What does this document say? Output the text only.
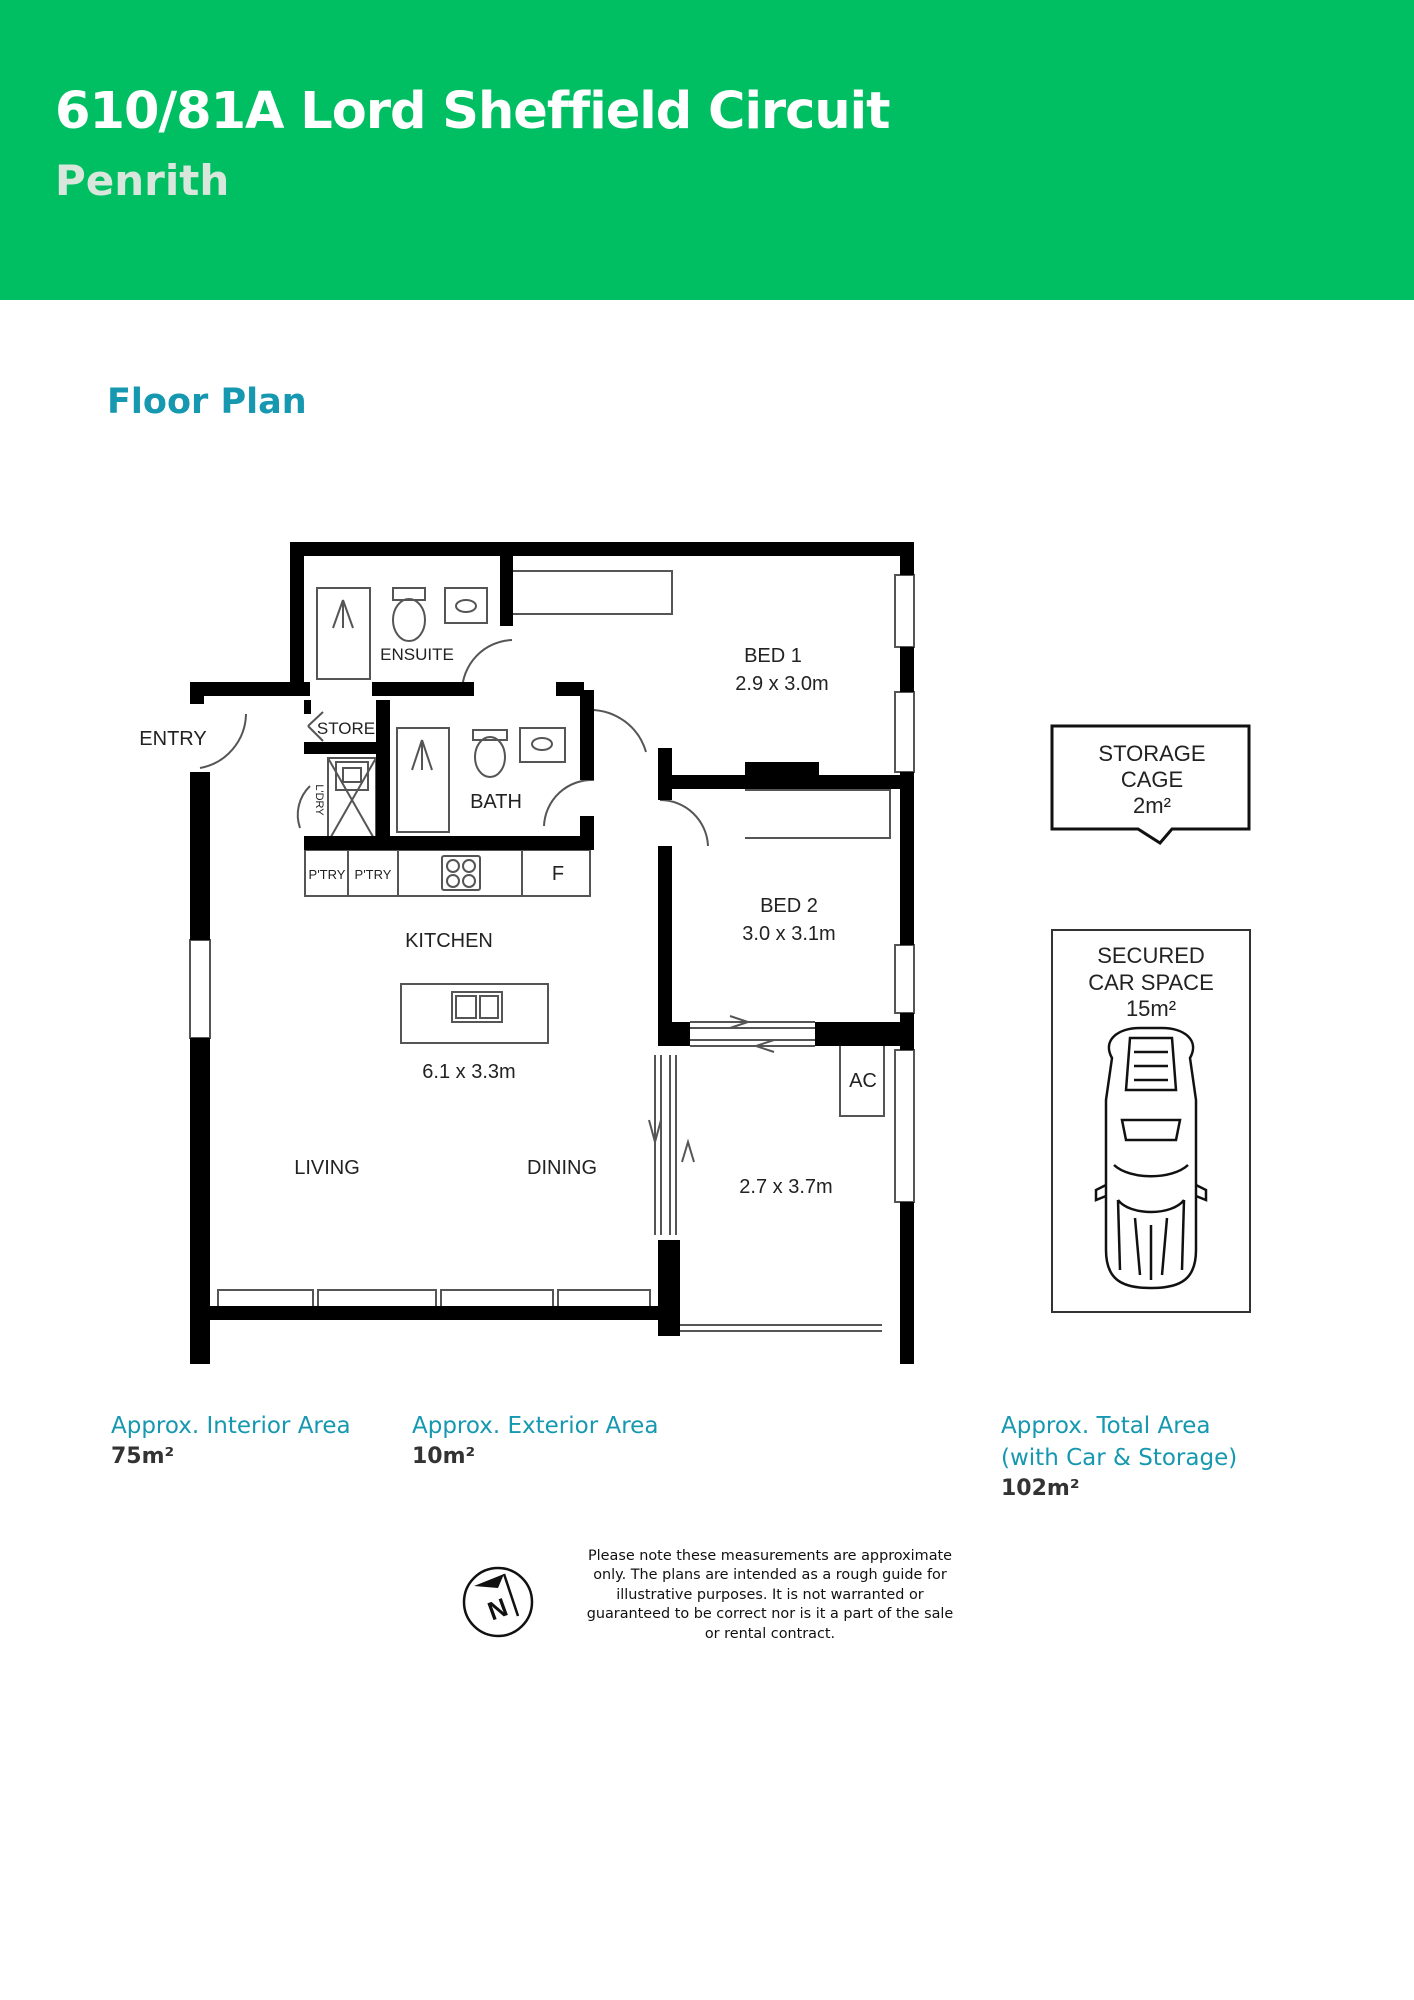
610/81A Lord Sheffield Circuit
Penrith
Floor Plan
BED 1
2.9 x 3.0m
BED 2
3.0 x 3.1m
KITCHEN
6.1 x 3.3m
LIVING	DINING
2.7 x 3.7m
ENTRY
BATH
AC
F
ENSUITE
STORE
P'TRY P'TRY
L'DRY
STORAGE
CAGE
2m²
SECURED
CAR SPACE
15m²
Approx. Interior Area
75m²
Approx. Exterior Area
10m²
Approx. Total Area
(with Car & Storage)
102m²
N
Please note these measurements are approximate only. The plans are intended as a rough guide for illustrative purposes. It is not warranted or guaranteed to be correct nor is it a part of the sale or rental contract.
